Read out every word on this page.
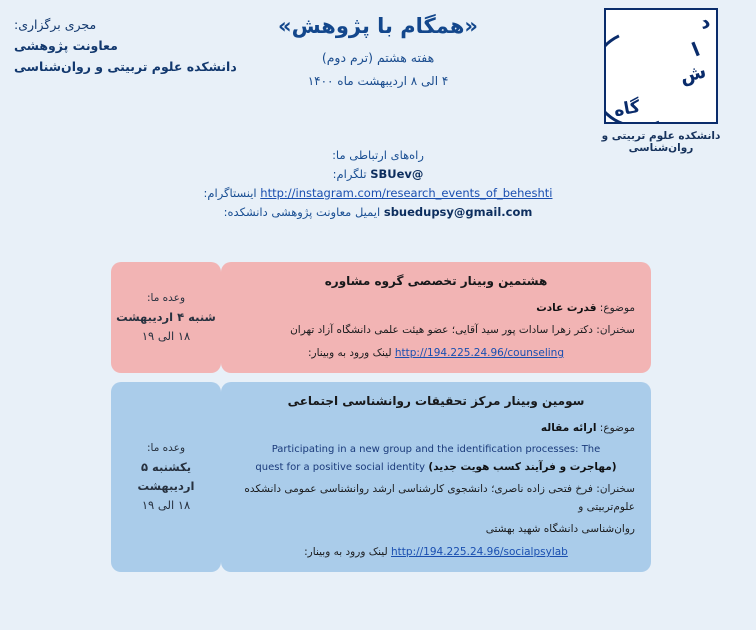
د
ا
ش
گاه
دانشکده علوم تربیتی و روان‌شناسی
«همگام با پژوهش»
هفته هشتم (ترم دوم)
۴ الی ۸ اردیبهشت ماه ۱۴۰۰
مجری برگزاری:
معاونت پژوهشی
دانشکده علوم تربیتی و روان‌شناسی
راه‌های ارتباطی ما:
@SBUev تلگرام:
http://instagram.com/research_events_of_beheshti اینستاگرام:
sbuedupsy@gmail.com ایمیل معاونت پژوهشی دانشکده:
هشتمین وبینار تخصصی گروه مشاوره
موضوع: قدرت عادت
سخنران: دکتر زهرا سادات پور سید آقایی؛ عضو هیئت علمی دانشگاه آزاد تهران
http://194.225.24.96/counseling لینک ورود به وبینار:
وعده ما:
شنبه ۴ اردیبهشت
۱۸ الی ۱۹
سومین وبینار مرکز تحقیقات روانشناسی اجتماعی
موضوع: ارائه مقاله
Participating in a new group and the identification processes: The
(مهاجرت و فرآیند کسب هویت جدید) quest for a positive social identity
سخنران: فرخ فتحی زاده ناصری؛ دانشجوی کارشناسی ارشد روانشناسی عمومی دانشکده علوم‌تربیتی و
روان‌شناسی دانشگاه شهید بهشتی
http://194.225.24.96/socialpsylab لینک ورود به وبینار:
وعده ما:
یکشنبه ۵ اردیبهشت
۱۸ الی ۱۹
